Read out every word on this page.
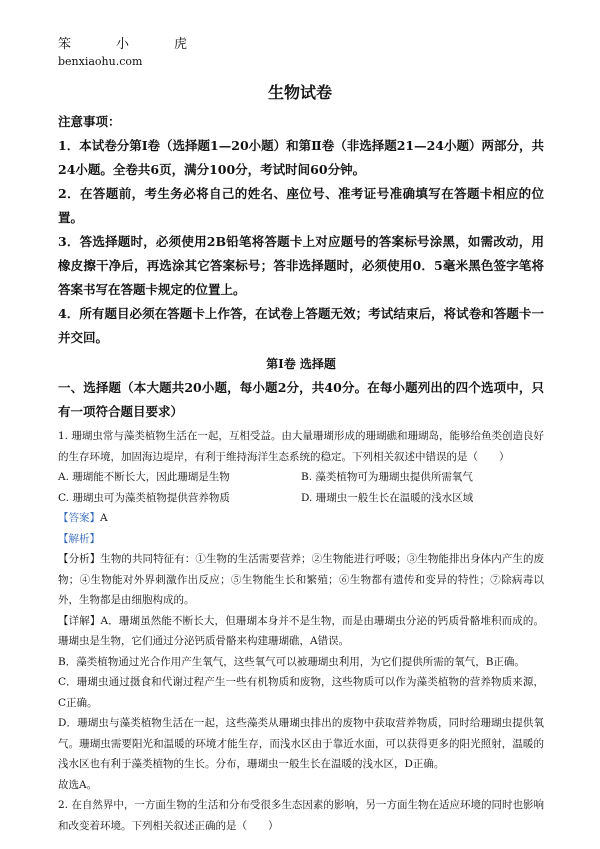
笨　小　虎
benxiaohu.com
生物试卷

注意事项：

1．本试卷分第Ⅰ卷（选择题1—20小题）和第Ⅱ卷（非选择题21—24小题）两部分，共24小题。全卷共6页，满分100分，考试时间60分钟。

2．在答题前，考生务必将自己的姓名、座位号、准考证号准确填写在答题卡相应的位置。

3．答选择题时，必须使用2B铅笔将答题卡上对应题号的答案标号涂黑，如需改动，用橡皮擦干净后，再选涂其它答案标号；答非选择题时，必须使用0．5毫米黑色签字笔将答案书写在答题卡规定的位置上。

4．所有题目必须在答题卡上作答，在试卷上答题无效；考试结束后，将试卷和答题卡一并交回。

第Ⅰ卷 选择题

一、选择题（本大题共20小题，每小题2分，共40分。在每小题列出的四个选项中，只有一项符合题目要求）

1. 珊瑚虫常与藻类植物生活在一起，互相受益。由大量珊瑚形成的珊瑚礁和珊瑚岛，能够给鱼类创造良好的生存环境，加固海边堤岸，有利于维持海洋生态系统的稳定。下列相关叙述中错误的是（　　）

A. 珊瑚能不断长大，因此珊瑚是生物	B. 藻类植物可为珊瑚虫提供所需氧气
C. 珊瑚虫可为藻类植物提供营养物质	D. 珊瑚虫一般生长在温暖的浅水区域

【答案】A

【解析】

【分析】生物的共同特征有：①生物的生活需要营养；②生物能进行呼吸；③生物能排出身体内产生的废物；④生物能对外界刺激作出反应；⑤生物能生长和繁殖；⑥生物都有遗传和变异的特性；⑦除病毒以外，生物都是由细胞构成的。

【详解】A．珊瑚虽然能不断长大，但珊瑚本身并不是生物，而是由珊瑚虫分泌的钙质骨骼堆积而成的。珊瑚虫是生物，它们通过分泌钙质骨骼来构建珊瑚礁，A错误。

B．藻类植物通过光合作用产生氧气，这些氧气可以被珊瑚虫利用，为它们提供所需的氧气，B正确。

C．珊瑚虫通过摄食和代谢过程产生一些有机物质和废物，这些物质可以作为藻类植物的营养物质来源，C正确。

D．珊瑚虫与藻类植物生活在一起，这些藻类从珊瑚虫排出的废物中获取营养物质，同时给珊瑚虫提供氧气。珊瑚虫需要阳光和温暖的环境才能生存，而浅水区由于靠近水面，可以获得更多的阳光照射，温暖的浅水区也有利于藻类植物的生长。分布，珊瑚虫一般生长在温暖的浅水区，D正确。

故选A。

2. 在自然界中，一方面生物的生活和分布受很多生态因素的影响，另一方面生物在适应环境的同时也影响和改变着环境。下列相关叙述正确的是（　　）
